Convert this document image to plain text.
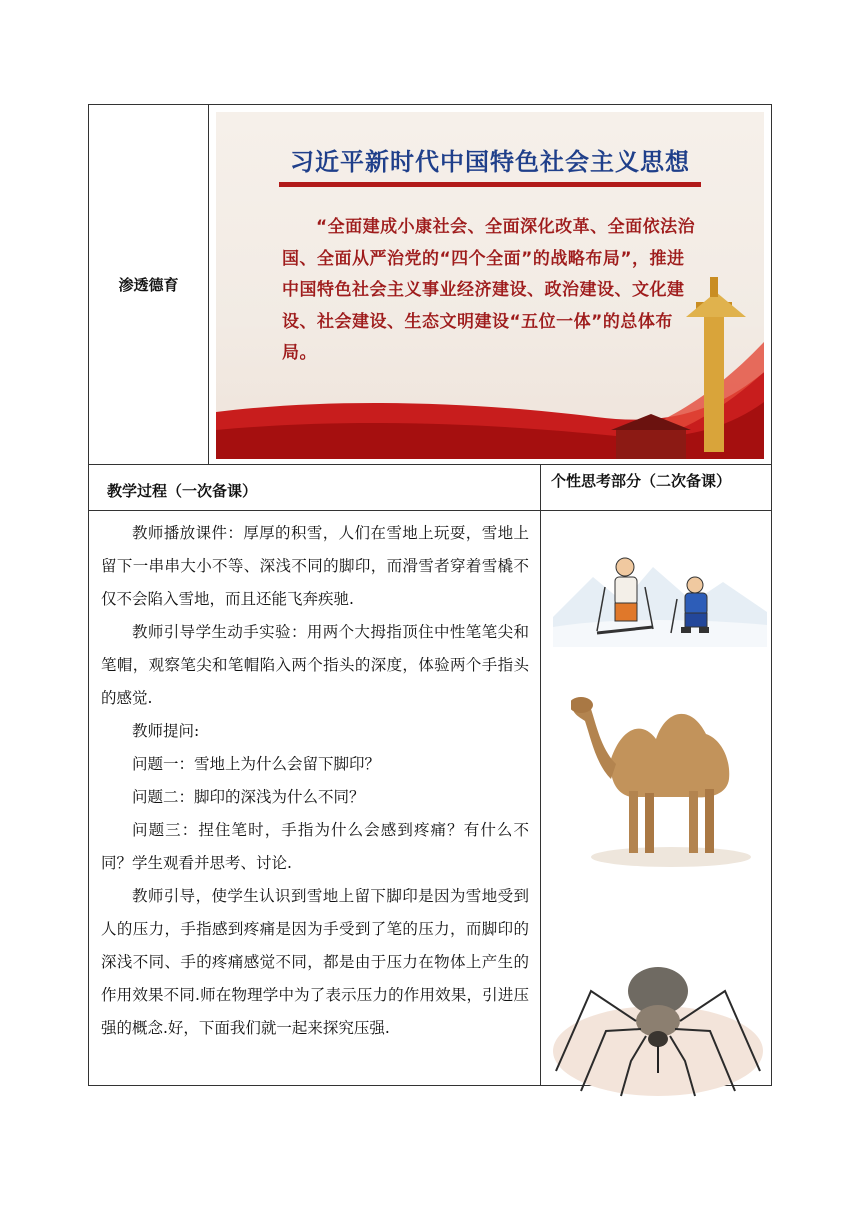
渗透德育
习近平新时代中国特色社会主义思想
“全面建成小康社会、全面深化改革、全面依法治国、全面从严治党的“四个全面”的战略布局”，推进中国特色社会主义事业经济建设、政治建设、文化建设、社会建设、生态文明建设“五位一体”的总体布局。
教学过程（一次备课）
个性思考部分（二次备课）

教师播放课件：厚厚的积雪，人们在雪地上玩耍，雪地上留下一串串大小不等、深浅不同的脚印，而滑雪者穿着雪橇不仅不会陷入雪地，而且还能飞奔疾驰.

教师引导学生动手实验：用两个大拇指顶住中性笔笔尖和笔帽，观察笔尖和笔帽陷入两个指头的深度，体验两个手指头的感觉.

教师提问:

问题一：雪地上为什么会留下脚印？

问题二：脚印的深浅为什么不同？

问题三：捏住笔时，手指为什么会感到疼痛？有什么不同？学生观看并思考、讨论.

教师引导，使学生认识到雪地上留下脚印是因为雪地受到人的压力，手指感到疼痛是因为手受到了笔的压力，而脚印的深浅不同、手的疼痛感觉不同，都是由于压力在物体上产生的作用效果不同.师在物理学中为了表示压力的作用效果，引进压强的概念.好，下面我们就一起来探究压强.
